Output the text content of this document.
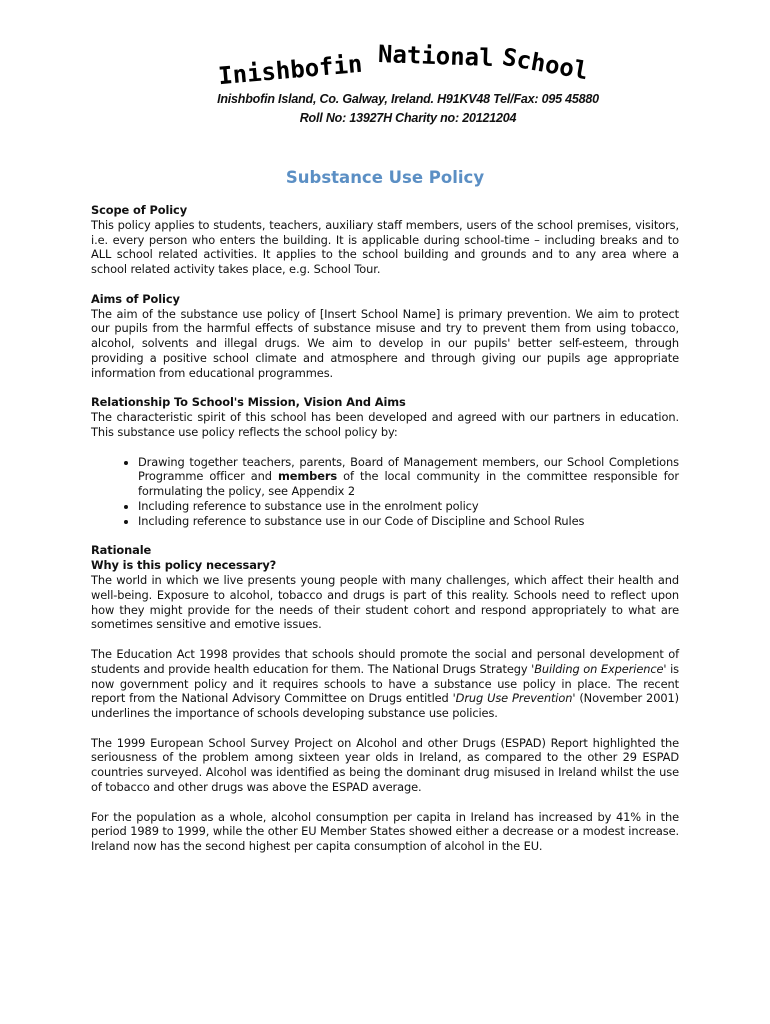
Inishbofin National School
Inishbofin Island, Co. Galway, Ireland. H91KV48 Tel/Fax: 095 45880
Roll No: 13927H Charity no: 20121204
Substance Use Policy
Scope of Policy

This policy applies to students, teachers, auxiliary staff members, users of the school premises, visitors, i.e. every person who enters the building. It is applicable during school-time – including breaks and to ALL school related activities. It applies to the school building and grounds and to any area where a school related activity takes place, e.g. School Tour.

Aims of Policy

The aim of the substance use policy of [Insert School Name] is primary prevention. We aim to protect our pupils from the harmful effects of substance misuse and try to prevent them from using tobacco, alcohol, solvents and illegal drugs. We aim to develop in our pupils' better self-esteem, through providing a positive school climate and atmosphere and through giving our pupils age appropriate information from educational programmes.

Relationship To School's Mission, Vision And Aims

The characteristic spirit of this school has been developed and agreed with our partners in education. This substance use policy reflects the school policy by:

• Drawing together teachers, parents, Board of Management members, our School Completions Programme officer and members of the local community in the committee responsible for formulating the policy, see Appendix 2
• Including reference to substance use in the enrolment policy
• Including reference to substance use in our Code of Discipline and School Rules
Rationale
Why is this policy necessary?

The world in which we live presents young people with many challenges, which affect their health and well-being. Exposure to alcohol, tobacco and drugs is part of this reality. Schools need to reflect upon how they might provide for the needs of their student cohort and respond appropriately to what are sometimes sensitive and emotive issues.

The Education Act 1998 provides that schools should promote the social and personal development of students and provide health education for them. The National Drugs Strategy 'Building on Experience' is now government policy and it requires schools to have a substance use policy in place. The recent report from the National Advisory Committee on Drugs entitled 'Drug Use Prevention' (November 2001) underlines the importance of schools developing substance use policies.

The 1999 European School Survey Project on Alcohol and other Drugs (ESPAD) Report highlighted the seriousness of the problem among sixteen year olds in Ireland, as compared to the other 29 ESPAD countries surveyed. Alcohol was identified as being the dominant drug misused in Ireland whilst the use of tobacco and other drugs was above the ESPAD average.

For the population as a whole, alcohol consumption per capita in Ireland has increased by 41% in the period 1989 to 1999, while the other EU Member States showed either a decrease or a modest increase. Ireland now has the second highest per capita consumption of alcohol in the EU.
